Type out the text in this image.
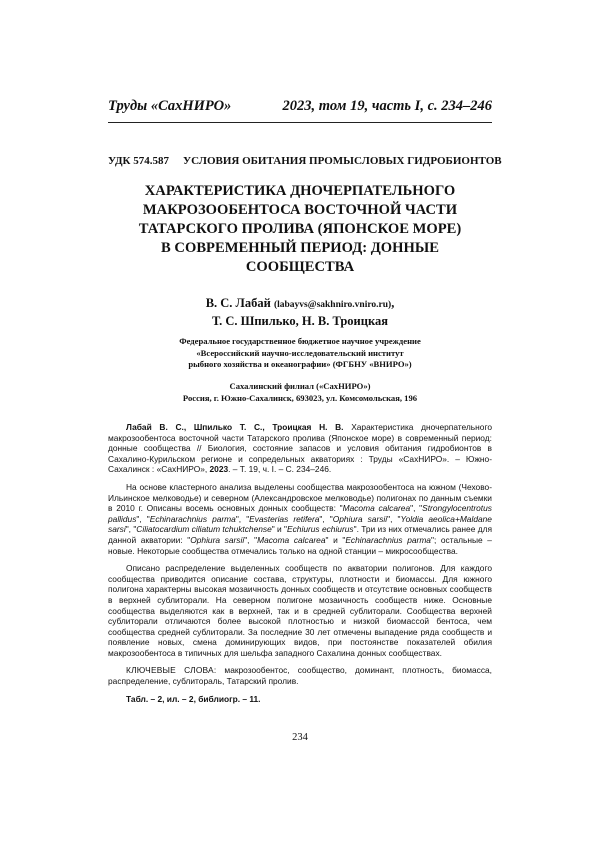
Труды «СахНИРО»	2023, том 19, часть I, с. 234–246
УДК 574.587 УСЛОВИЯ ОБИТАНИЯ ПРОМЫСЛОВЫХ ГИДРОБИОНТОВ
ХАРАКТЕРИСТИКА ДНОЧЕРПАТЕЛЬНОГО
МАКРОЗООБЕНТОСА ВОСТОЧНОЙ ЧАСТИ
ТАТАРСКОГО ПРОЛИВА (ЯПОНСКОЕ МОРЕ)
В СОВРЕМЕННЫЙ ПЕРИОД: ДОННЫЕ
СООБЩЕСТВА
В. С. Лабай (labayvs@sakhniro.vniro.ru),
Т. С. Шпилько, Н. В. Троицкая
Федеральное государственное бюджетное научное учреждение
«Всероссийский научно-исследовательский институт
рыбного хозяйства и океанографии» (ФГБНУ «ВНИРО»)
Сахалинский филиал («СахНИРО»)
Россия, г. Южно-Сахалинск, 693023, ул. Комсомольская, 196

Лабай В. С., Шпилько Т. С., Троицкая Н. В. Характеристика дночерпательного макрозообентоса восточной части Татарского пролива (Японское море) в современный период: донные сообщества // Биология, состояние запасов и условия обитания гидробионтов в Сахалино-Курильском регионе и сопредельных акваториях : Труды «СахНИРО». – Южно-Сахалинск : «СахНИРО», 2023. – Т. 19, ч. I. – С. 234–246.

На основе кластерного анализа выделены сообщества макрозообентоса на южном (Чехово-Ильинское мелководье) и северном (Александровское мелководье) полигонах по данным съемки в 2010 г. Описаны восемь основных донных сообществ: "Macoma calcarea", "Strongylocentrotus pallidus", "Echinarachnius parma", "Evasterias retifera", "Ophiura sarsii", "Yoldia aeolica+Maldane sarsi", "Ciliatocardium ciliatum tchuktchense" и "Echiurus echiurus". Три из них отмечались ранее для данной акватории: "Ophiura sarsii", "Macoma calcarea" и "Echinarachnius parma"; остальные – новые. Некоторые сообщества отмечались только на одной станции – микросообщества.

Описано распределение выделенных сообществ по акватории полигонов. Для каждого сообщества приводится описание состава, структуры, плотности и биомассы. Для южного полигона характерны высокая мозаичность донных сообществ и отсутствие основных сообществ в верхней сублиторали. На северном полигоне мозаичность сообществ ниже. Основные сообщества выделяются как в верхней, так и в средней сублиторали. Сообщества верхней сублиторали отличаются более высокой плотностью и низкой биомассой бентоса, чем сообщества средней сублиторали. За последние 30 лет отмечены выпадение ряда сообществ и появление новых, смена доминирующих видов, при постоянстве показателей обилия макрозообентоса в типичных для шельфа западного Сахалина донных сообществах.

КЛЮЧЕВЫЕ СЛОВА: макрозообентос, сообщество, доминант, плотность, биомасса, распределение, сублитораль, Татарский пролив.

Табл. – 2, ил. – 2, библиогр. – 11.

234
